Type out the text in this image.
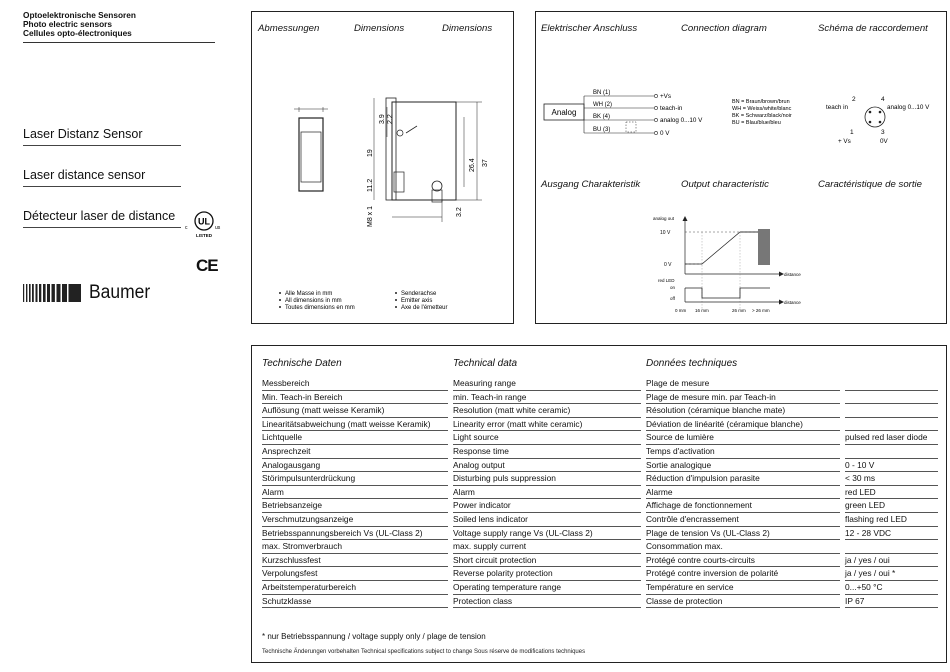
Optoelektronische Sensoren
Photo electric sensors
Cellules opto-électroniques
Laser Distanz Sensor
Laser distance sensor
Détecteur laser de distance
c
UL
us
LISTED
CE
Baumer
Abmessungen	Dimensions	Dimensions
3.9 2.2
19
11.2
M8 x 1
26.4 37
3.2
Alle Masse in mm
All dimensions in mm
Toutes dimensions en mm
Senderachse
Emitter axis
Axe de l'émetteur
Elektrischer Anschluss	Connection diagram	Schéma de raccordement
Ausgang Charakteristik	Output characteristic	Caractéristique de sortie
Analog
BN (1)
WH (2)
BK (4)
BU (3)
+Vs
teach-in
analog 0...10 V
0 V
BN = Braun/brown/brun
WH = Weiss/white/blanc
BK = Schwarz/black/noir
BU = Blau/blue/bleu
2	4
1	3
teach in	analog 0...10 V
+ Vs	0V
analog out
10 V
0 V
distance
red LED
on
off
distance
0 mm 16 mm	26 mm > 26 mm
Technische Daten	Technical data	Données techniques
Messbereich	Measuring range	Plage de mesure
Min. Teach-in Bereich	min. Teach-in range	Plage de mesure min. par Teach-in
Auflösung (matt weisse Keramik)	Resolution (matt white ceramic)	Résolution (céramique blanche mate)
Linearitätsabweichung (matt weisse Keramik)	Linearity error (matt white ceramic)	Déviation de linéarité (céramique blanche)
Lichtquelle	Light source	Source de lumière	pulsed red laser diode
Ansprechzeit	Response time	Temps d'activation
Analogausgang	Analog output	Sortie analogique	0 - 10 V
Störimpulsunterdrückung	Disturbing puls suppression	Réduction d'impulsion parasite	< 30 ms
Alarm	Alarm	Alarme	red LED
Betriebsanzeige	Power indicator	Affichage de fonctionnement	green LED
Verschmutzungsanzeige	Soiled lens indicator	Contrôle d'encrassement	flashing red LED
Betriebsspannungsbereich Vs (UL-Class 2)	Voltage supply range Vs (UL-Class 2)	Plage de tension Vs (UL-Class 2)	12 - 28 VDC
max. Stromverbrauch	max. supply current	Consommation max.
Kurzschlussfest	Short circuit protection	Protégé contre courts-circuits	ja / yes / oui
Verpolungsfest	Reverse polarity protection	Protégé contre inversion de polarité	ja / yes / oui *
Arbeitstemperaturbereich	Operating temperature range	Température en service	0...+50 °C
Schutzklasse	Protection class	Classe de protection	IP 67
* nur Betriebsspannung / voltage supply only / plage de tension
Technische Änderungen vorbehalten Technical specifications subject to change Sous réserve de modifications techniques
